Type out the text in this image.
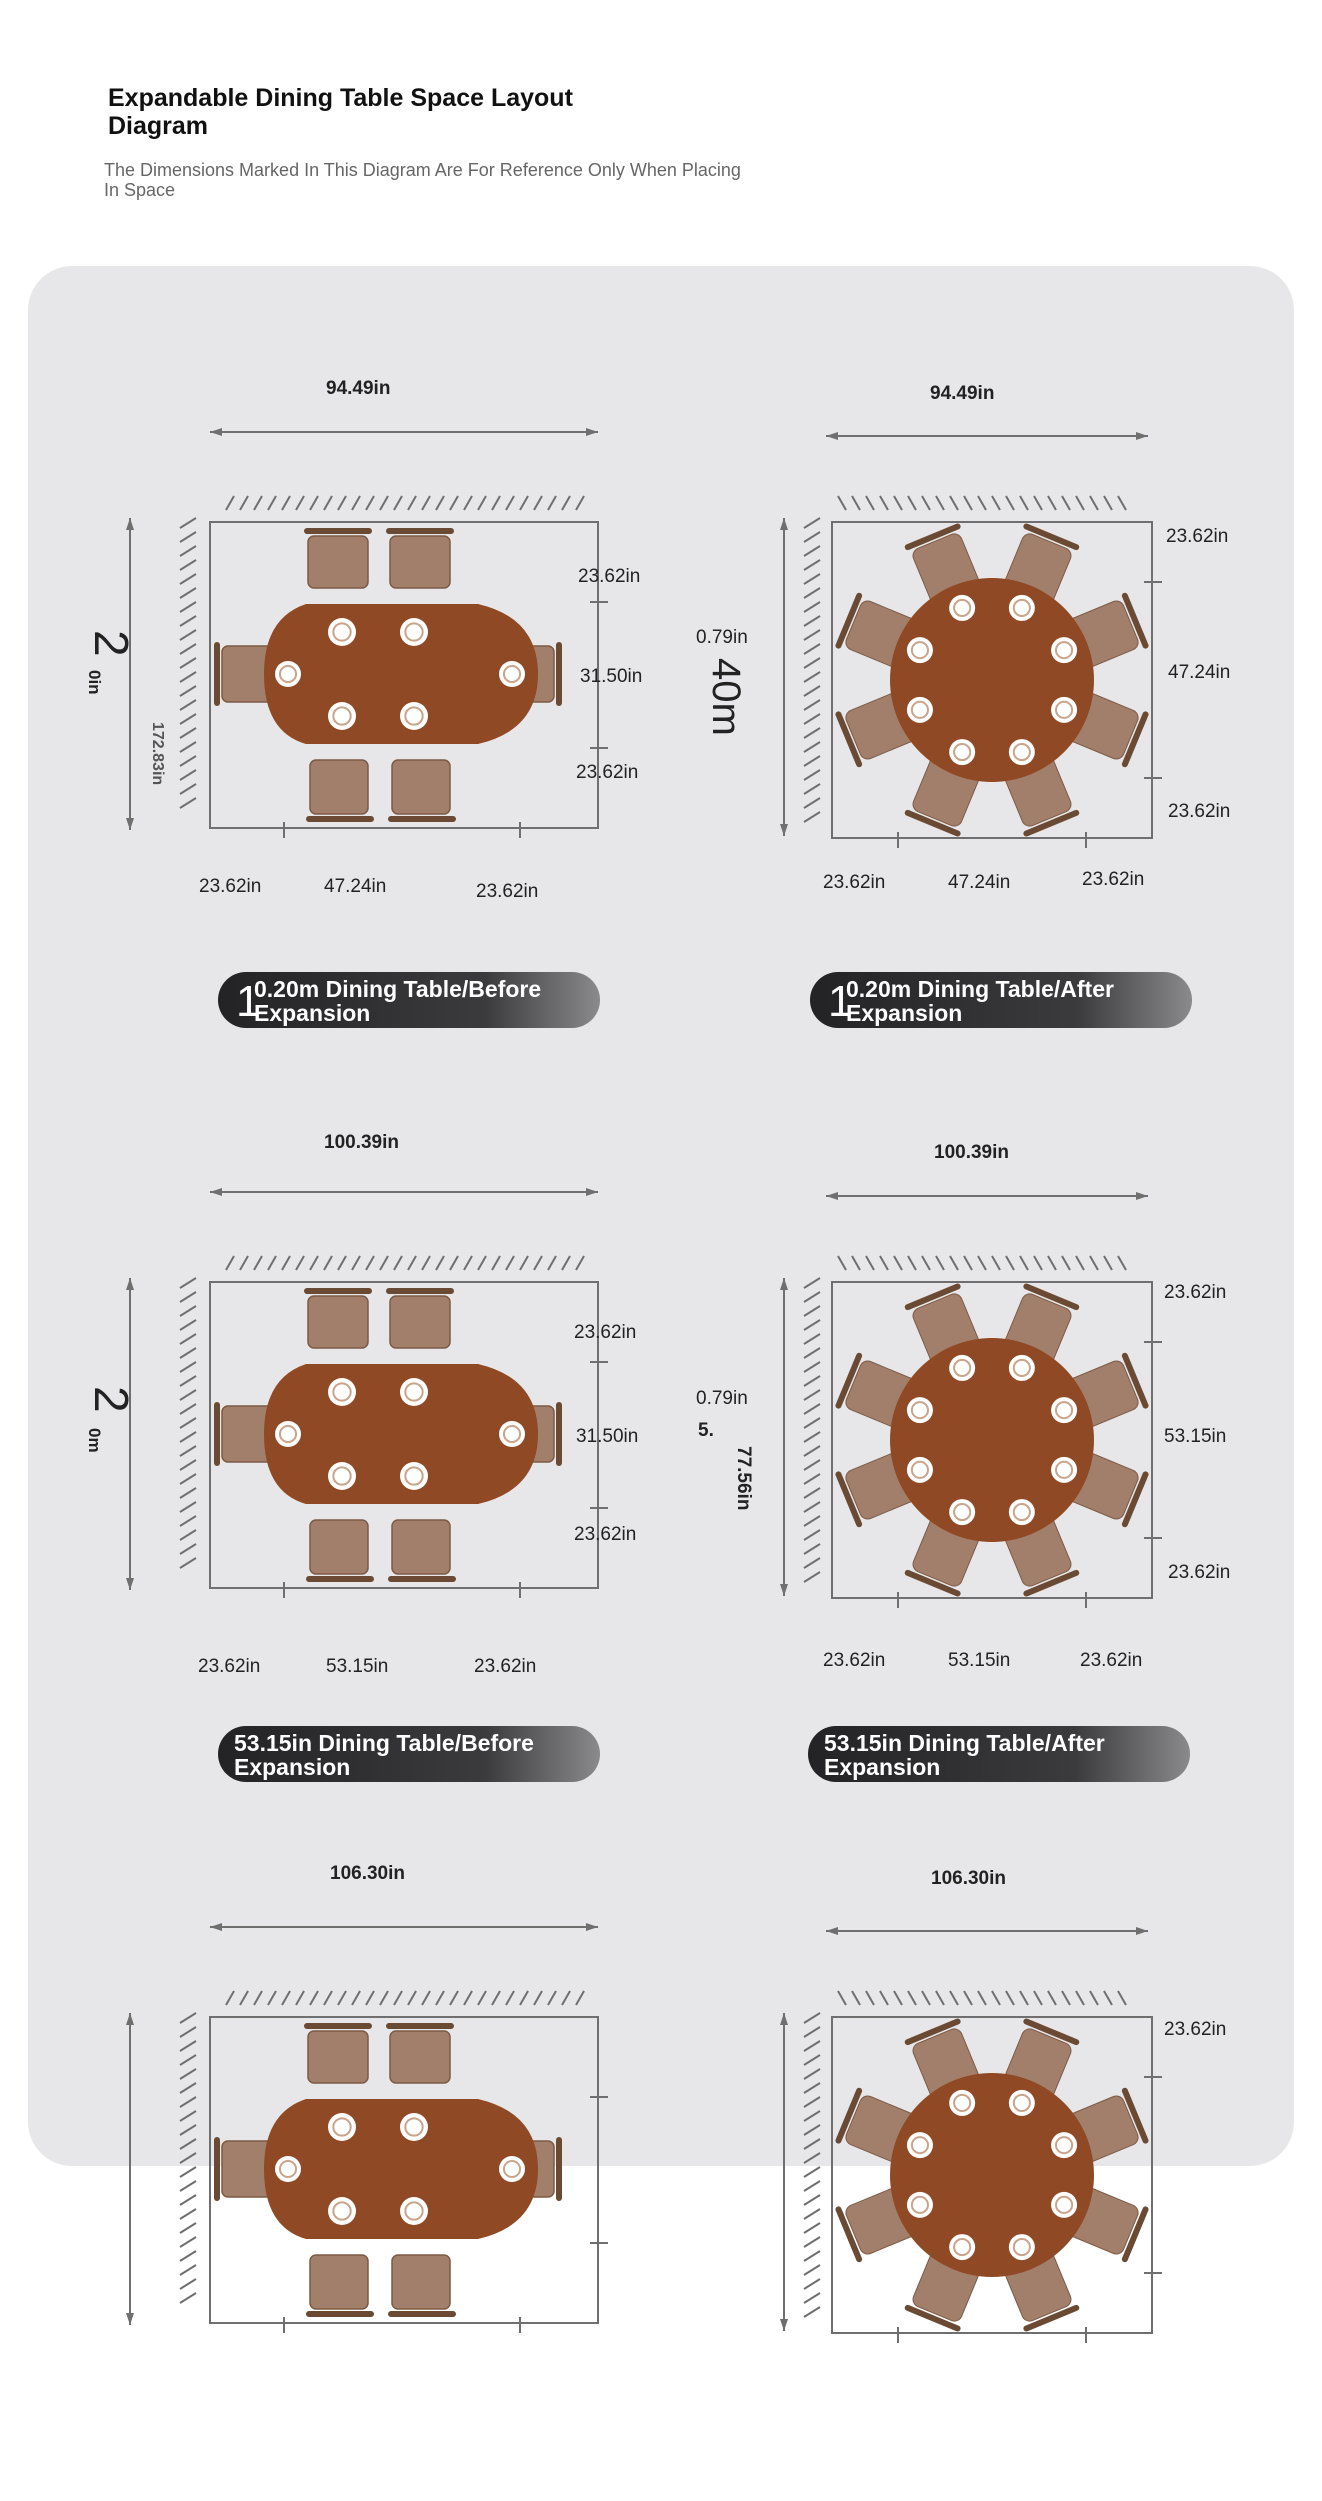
Expandable Dining Table Space Layout Diagram
The Dimensions Marked In This Diagram Are For Reference Only When Placing In Space
94.49in
23.62in
31.50in
23.62in
23.62in	47.24in	23.62in
2
0in
172.83in
1
0.20m Dining Table/Before Expansion
94.49in
23.62in
47.24in
23.62in
23.62in	47.24in	23.62in
0.79in
40m
1
0.20m Dining Table/After Expansion
100.39in
23.62in
31.50in
23.62in
23.62in	53.15in	23.62in
2
0m
53.15in Dining Table/Before Expansion
100.39in
23.62in
53.15in
23.62in
23.62in	53.15in	23.62in
0.79in
5.
77.56in
53.15in Dining Table/After Expansion
106.30in	106.30in
23.62in
